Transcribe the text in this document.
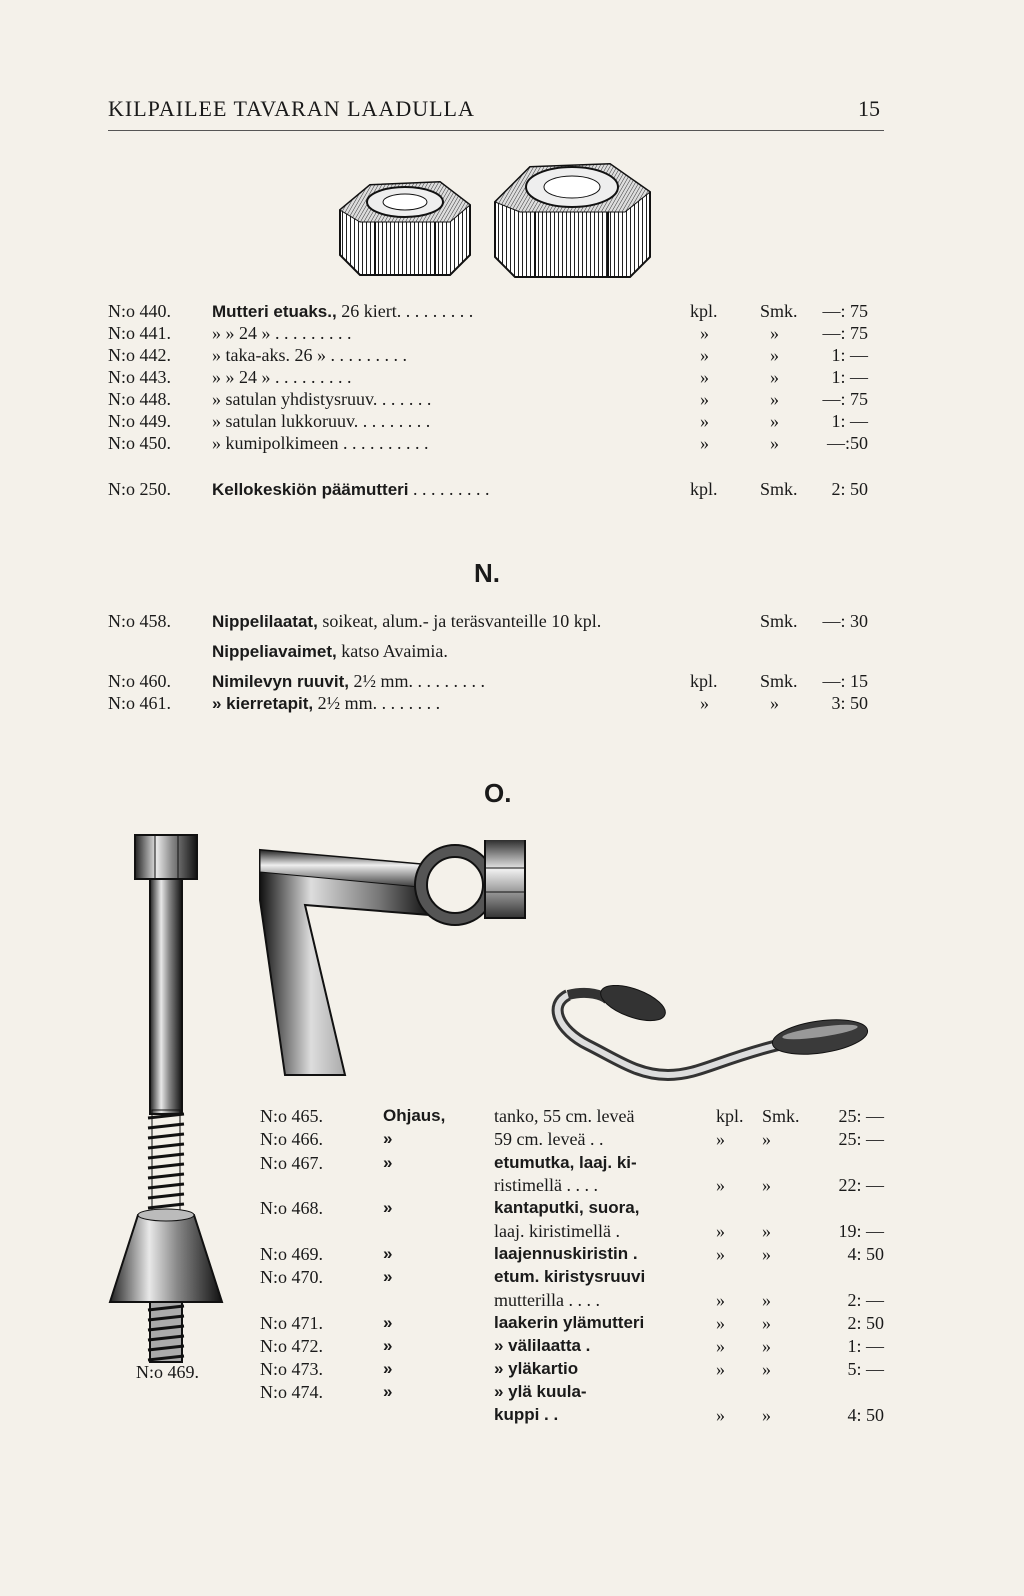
KILPAILEE TAVARAN LAADULLA	15
N:o 440. Mutteri etuaks., 26 kiert. . . . . . . . .	kpl. Smk. —: 75
N:o 441. » » 24 » . . . . . . . . .	»	» —: 75
N:o 442. » taka-aks. 26 » . . . . . . . . .	»	»	1: —
N:o 443. » » 24 » . . . . . . . . .	»	»	1: —
N:o 448. » satulan yhdistysruuv. . . . . . .	»	» —: 75
N:o 449. » satulan lukkoruuv. . . . . . . . .	»	»	1: —
N:o 450. » kumipolkimeen . . . . . . . . . .	»	»	—:50
N:o 250. Kellokeskiön päämutteri . . . . . . . . .	kpl. Smk. 2: 50
N.
N:o 458. Nippelilaatat, soikeat, alum.- ja teräsvanteille 10 kpl.	Smk. —: 30
Nippeliavaimet, katso Avaimia.
N:o 460. Nimilevyn ruuvit, 2½ mm. . . . . . . . .	kpl. Smk. —: 15
N:o 461. » kierretapit, 2½ mm. . . . . . . .	»	»	3: 50
O.
N:o 469.
N:o 465.	Ohjaus,	tanko, 55 cm. leveä	kpl. Smk.	25: —
N:o 466.	»	59 cm. leveä . .	» »	25: —
N:o 467.	»	etumutka, laaj. ki-
ristimellä . . . .	» »	22: —
N:o 468.	»	kantaputki, suora,
laaj. kiristimellä .	» »	19: —
N:o 469.	»	laajennuskiristin .	» »	4: 50
N:o 470.	»	etum. kiristysruuvi
mutterilla . . . .	» »	2: —
N:o 471.	»	laakerin ylämutteri	» »	2: 50
N:o 472.	»	» välilaatta .	» »	1: —
N:o 473.	»	» yläkartio	» »	5: —
N:o 474.	»	» ylä kuula-
kuppi . .	» »	4: 50
